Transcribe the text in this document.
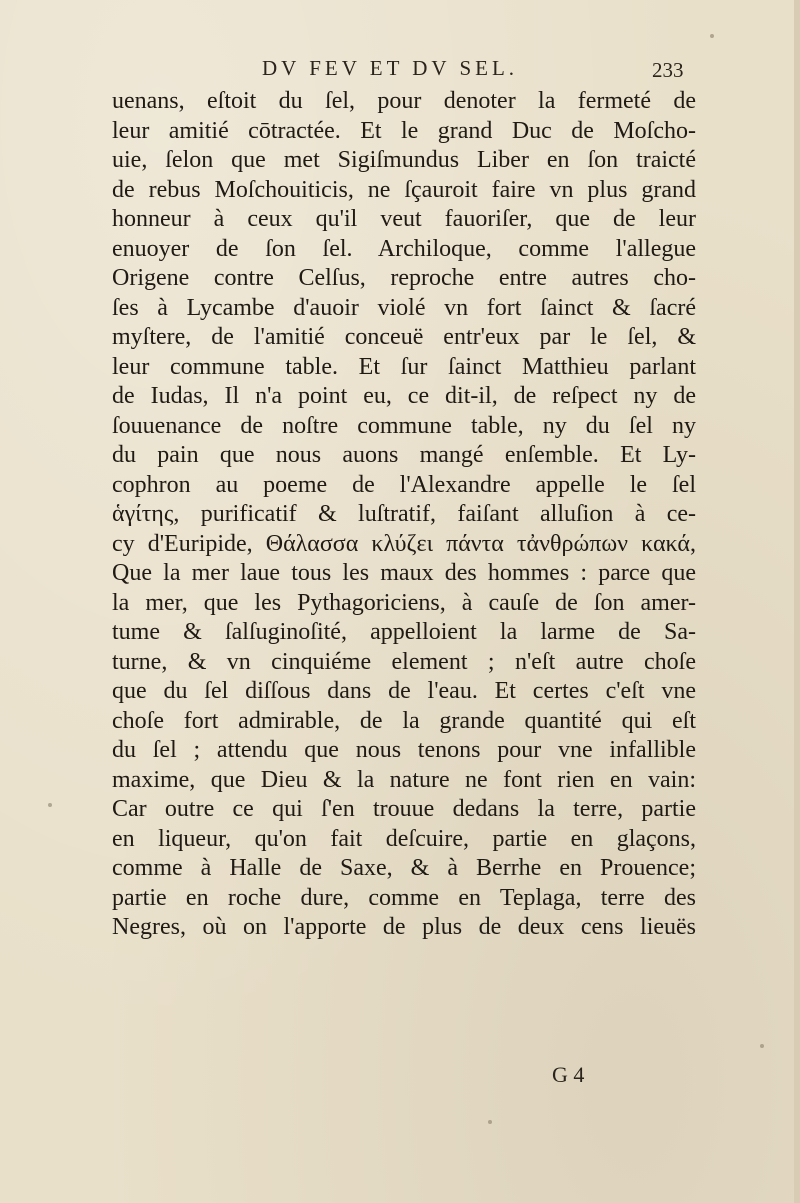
DV FEV ET DV SEL.	233
uenans, eſtoit du ſel, pour denoter la fermeté de
leur amitié cōtractée. Et le grand Duc de Moſcho-
uie, ſelon que met Sigiſmundus Liber en ſon traicté
de rebus Moſchouiticis, ne ſçauroit faire vn plus grand
honneur à ceux qu'il veut fauoriſer, que de leur
enuoyer de ſon ſel. Archiloque, comme l'allegue
Origene contre Celſus, reproche entre autres cho-
ſes à Lycambe d'auoir violé vn fort ſainct & ſacré
myſtere, de l'amitié conceuë entr'eux par le ſel, &
leur commune table. Et ſur ſainct Matthieu parlant
de Iudas, Il n'a point eu, ce dit-il, de reſpect ny de
ſouuenance de noſtre commune table, ny du ſel ny
du pain que nous auons mangé enſemble. Et Ly-
cophron au poeme de l'Alexandre appelle le ſel
ἁγίτης, purificatif & luſtratif, faiſant alluſion à ce-
cy d'Euripide, Θάλασσα κλύζει πάντα τἀνθρώπων κακά,
Que la mer laue tous les maux des hommes : parce que
la mer, que les Pythagoriciens, à cauſe de ſon amer-
tume & ſalſuginoſité, appelloient la larme de Sa-
turne, & vn cinquiéme element ; n'eſt autre choſe
que du ſel diſſous dans de l'eau. Et certes c'eſt vne
choſe fort admirable, de la grande quantité qui eſt
du ſel ; attendu que nous tenons pour vne infallible
maxime, que Dieu & la nature ne font rien en vain:
Car outre ce qui ſ'en trouue dedans la terre, partie
en liqueur, qu'on fait deſcuire, partie en glaçons,
comme à Halle de Saxe, & à Berrhe en Prouence;
partie en roche dure, comme en Teplaga, terre des
Negres, où on l'apporte de plus de deux cens lieuës
G 4
